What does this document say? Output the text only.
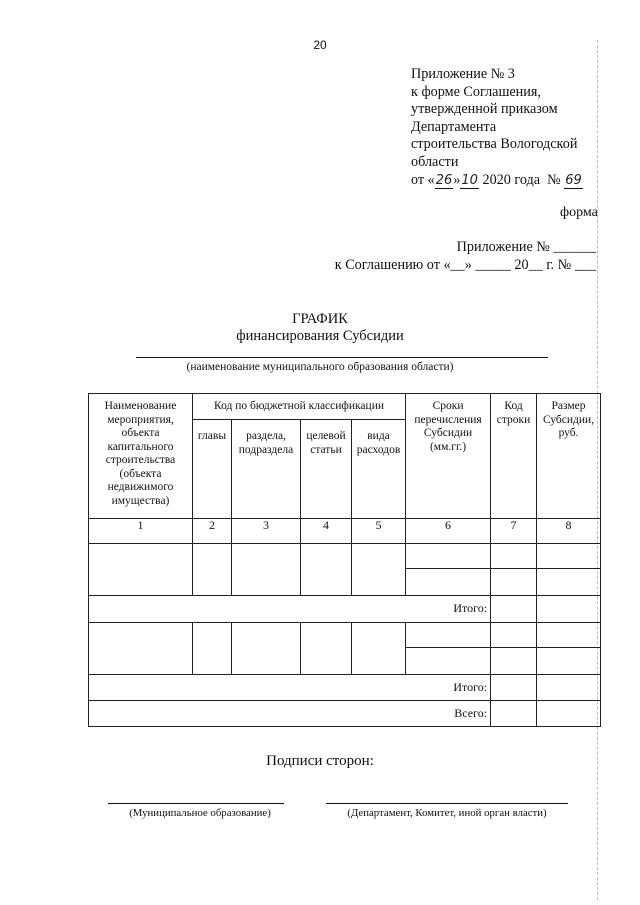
20
Приложение № 3
к форме Соглашения,
утвержденной приказом
Департамента
строительства Вологодской
области
от «26»10 2020 года № 69
форма
Приложение № ______
к Соглашению от «__» _____ 20__ г. № ___
ГРАФИК
финансирования Субсидии
(наименование муниципального образования области)
Наименование мероприятия, объекта капитального строительства (объекта недвижимого имущества)	Код по бюджетной классификации				Сроки перечисления Субсидии (мм.гг.)	Код строки	Размер Субсидии, руб.

	главы	раздела, подраздела	целевой статьи	вида расходов			

1	2	3	4	5	6	7	8

Итого:							

Итого:							
Всего:							
Подписи сторон:
(Муниципальное образование)	(Департамент, Комитет, иной орган власти)
